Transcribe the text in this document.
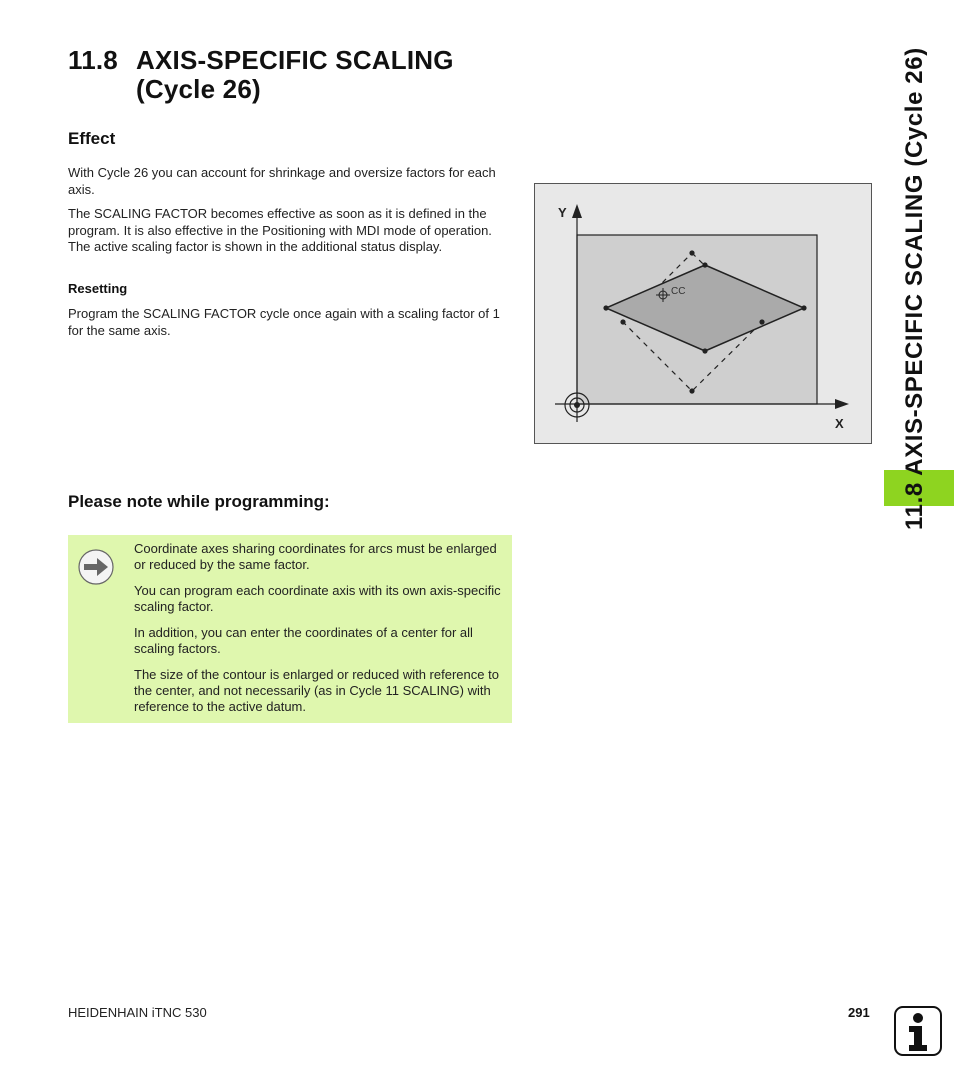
11.8 AXIS-SPECIFIC SCALING
(Cycle 26)
Effect
With Cycle 26 you can account for shrinkage and oversize factors for each axis.
The SCALING FACTOR becomes effective as soon as it is defined in the program. It is also effective in the Positioning with MDI mode of operation. The active scaling factor is shown in the additional status display.
Resetting
Program the SCALING FACTOR cycle once again with a scaling factor of 1 for the same axis.
CC
Y
X
Please note while programming:

Coordinate axes sharing coordinates for arcs must be enlarged or reduced by the same factor.

You can program each coordinate axis with its own axis-specific scaling factor.

In addition, you can enter the coordinates of a center for all scaling factors.

The size of the contour is enlarged or reduced with reference to the center, and not necessarily (as in Cycle 11 SCALING) with reference to the active datum.

11.8 AXIS-SPECIFIC SCALING (Cycle 26)
HEIDENHAIN iTNC 530	291
